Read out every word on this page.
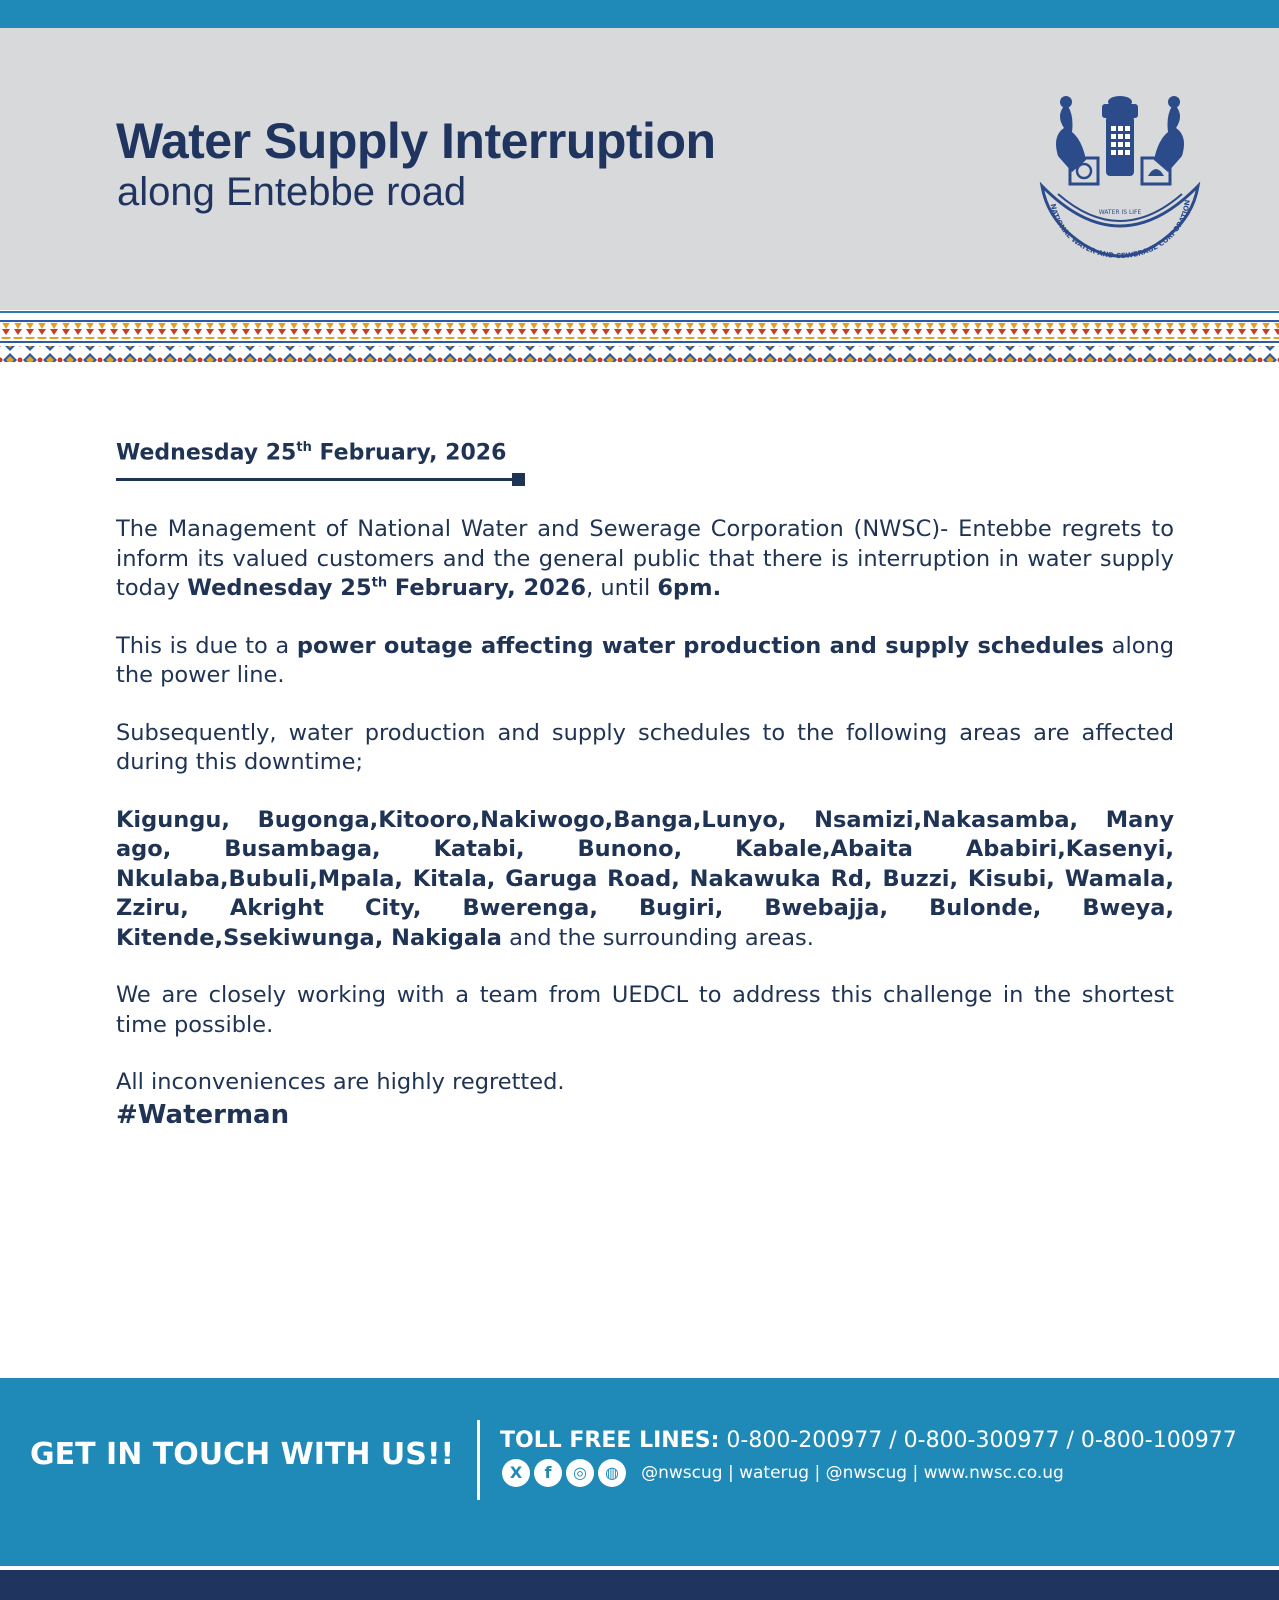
Water Supply Interruption
along Entebbe road	NATIONAL WATER AND SEWERAGE CORPORATION
WATER IS LIFE
Wednesday 25th February, 2026

The Management of National Water and Sewerage Corporation (NWSC)- Entebbe regrets to inform its valued customers and the general public that there is interruption in water supply today Wednesday 25th February, 2026, until 6pm.

This is due to a power outage affecting water production and supply schedules along the power line.

Subsequently, water production and supply schedules to the following areas are affected during this downtime;

Kigungu, Bugonga,Kitooro,Nakiwogo,Banga,Lunyo, Nsamizi,Nakasamba, Many ago, Busambaga, Katabi, Bunono, Kabale,Abaita Ababiri,Kasenyi, Nkulaba,Bubuli,Mpala, Kitala, Garuga Road, Nakawuka Rd, Buzzi, Kisubi, Wamala, Zziru, Akright City, Bwerenga, Bugiri, Bwebajja, Bulonde, Bweya, Kitende,Ssekiwunga, Nakigala and the surrounding areas.

We are closely working with a team from UEDCL to address this challenge in the shortest time possible.

All inconveniences are highly regretted.

#Waterman

GET IN TOUCH WITH US!! TOLL FREE LINES: 0-800-200977 / 0-800-300977 / 0-800-100977
X f ◎ ◍ @nwscug | waterug | @nwscug | www.nwsc.co.ug
